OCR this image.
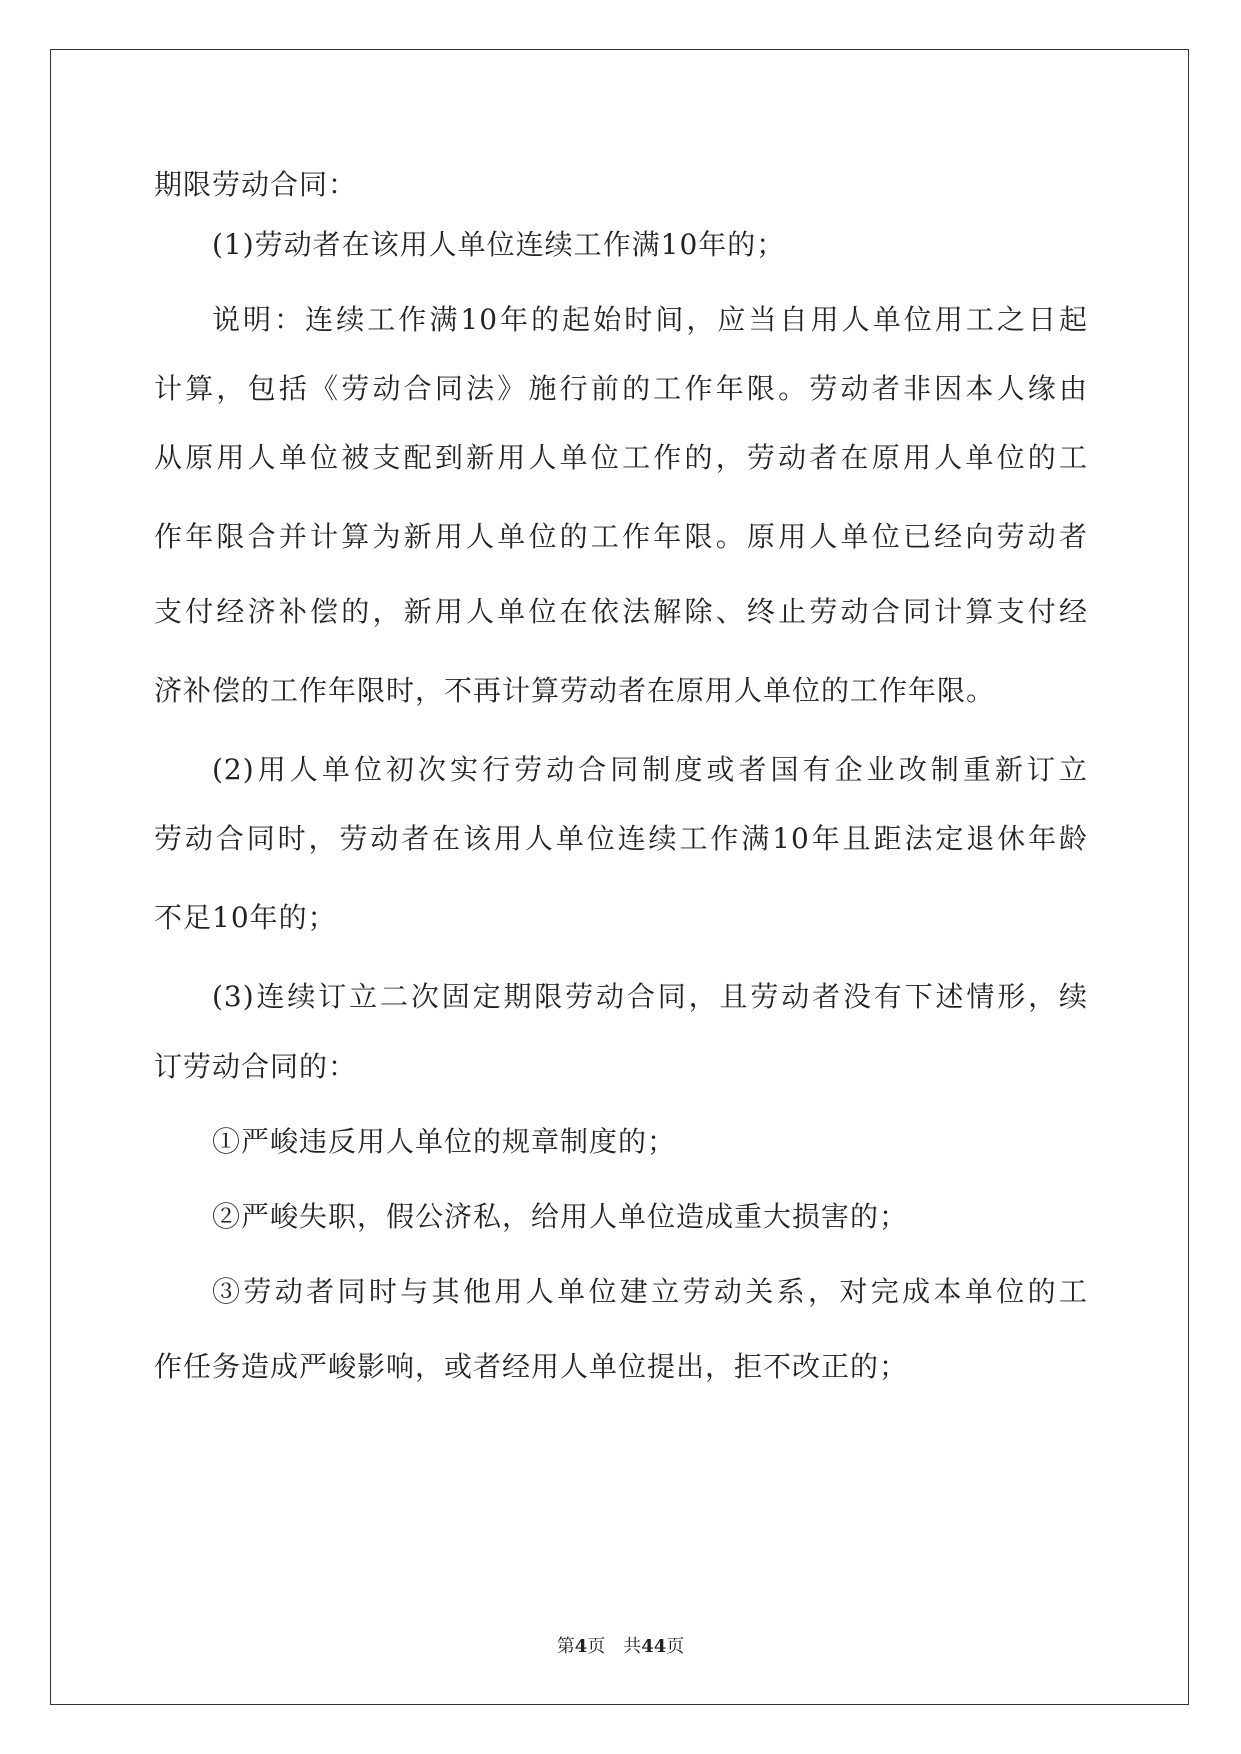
期限劳动合同：
(1)劳动者在该用人单位连续工作满10年的；
说明：连续工作满10年的起始时间，应当自用人单位用工之日起
计算，包括《劳动合同法》施行前的工作年限。劳动者非因本人缘由
从原用人单位被支配到新用人单位工作的，劳动者在原用人单位的工
作年限合并计算为新用人单位的工作年限。原用人单位已经向劳动者
支付经济补偿的，新用人单位在依法解除、终止劳动合同计算支付经
济补偿的工作年限时，不再计算劳动者在原用人单位的工作年限。
(2)用人单位初次实行劳动合同制度或者国有企业改制重新订立
劳动合同时，劳动者在该用人单位连续工作满10年且距法定退休年龄
不足10年的；
(3)连续订立二次固定期限劳动合同，且劳动者没有下述情形，续
订劳动合同的：
①严峻违反用人单位的规章制度的；
②严峻失职，假公济私，给用人单位造成重大损害的；
③劳动者同时与其他用人单位建立劳动关系，对完成本单位的工
作任务造成严峻影响，或者经用人单位提出，拒不改正的；
第4页 共44页
